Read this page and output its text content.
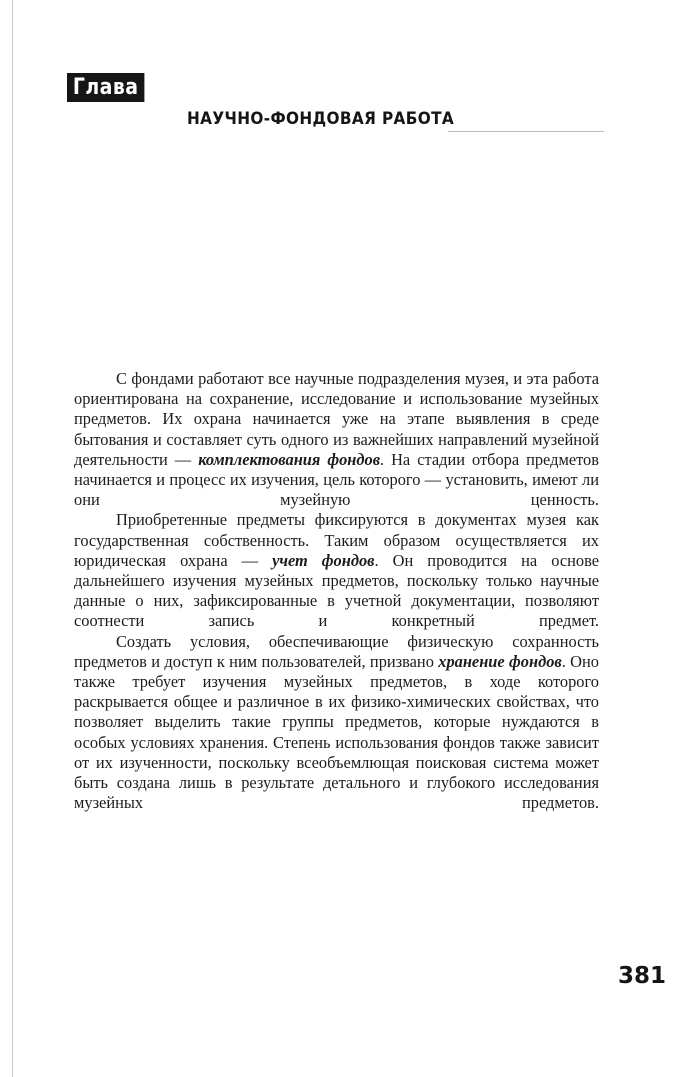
Глава 4	НАУЧНО-ФОНДОВАЯ РАБОТА

С фондами работают все научные подразделения музея, и эта работа ориентирована на сохранение, исследование и использование музейных предметов. Их охрана начинается уже на этапе выявления в среде бытования и составляет суть одного из важнейших направлений музейной деятельности — комплектования фондов. На стадии отбора предметов начинается и процесс их изучения, цель которого — установить, имеют ли они музейную ценность.

Приобретенные предметы фиксируются в документах музея как государственная собственность. Таким образом осуществляется их юридическая охрана — учет фондов. Он проводится на основе дальнейшего изучения музейных предметов, поскольку только научные данные о них, зафиксированные в учетной документации, позволяют соотнести запись и конкретный предмет.

Создать условия, обеспечивающие физическую сохранность предметов и доступ к ним пользователей, призвано хранение фондов. Оно также требует изучения музейных предметов, в ходе которого раскрывается общее и различное в их физико-химических свойствах, что позволяет выделить такие группы предметов, которые нуждаются в особых условиях хранения. Степень использования фондов также зависит от их изученности, поскольку всеобъемлющая поисковая система может быть создана лишь в результате детального и глубокого исследования музейных предметов.

381
